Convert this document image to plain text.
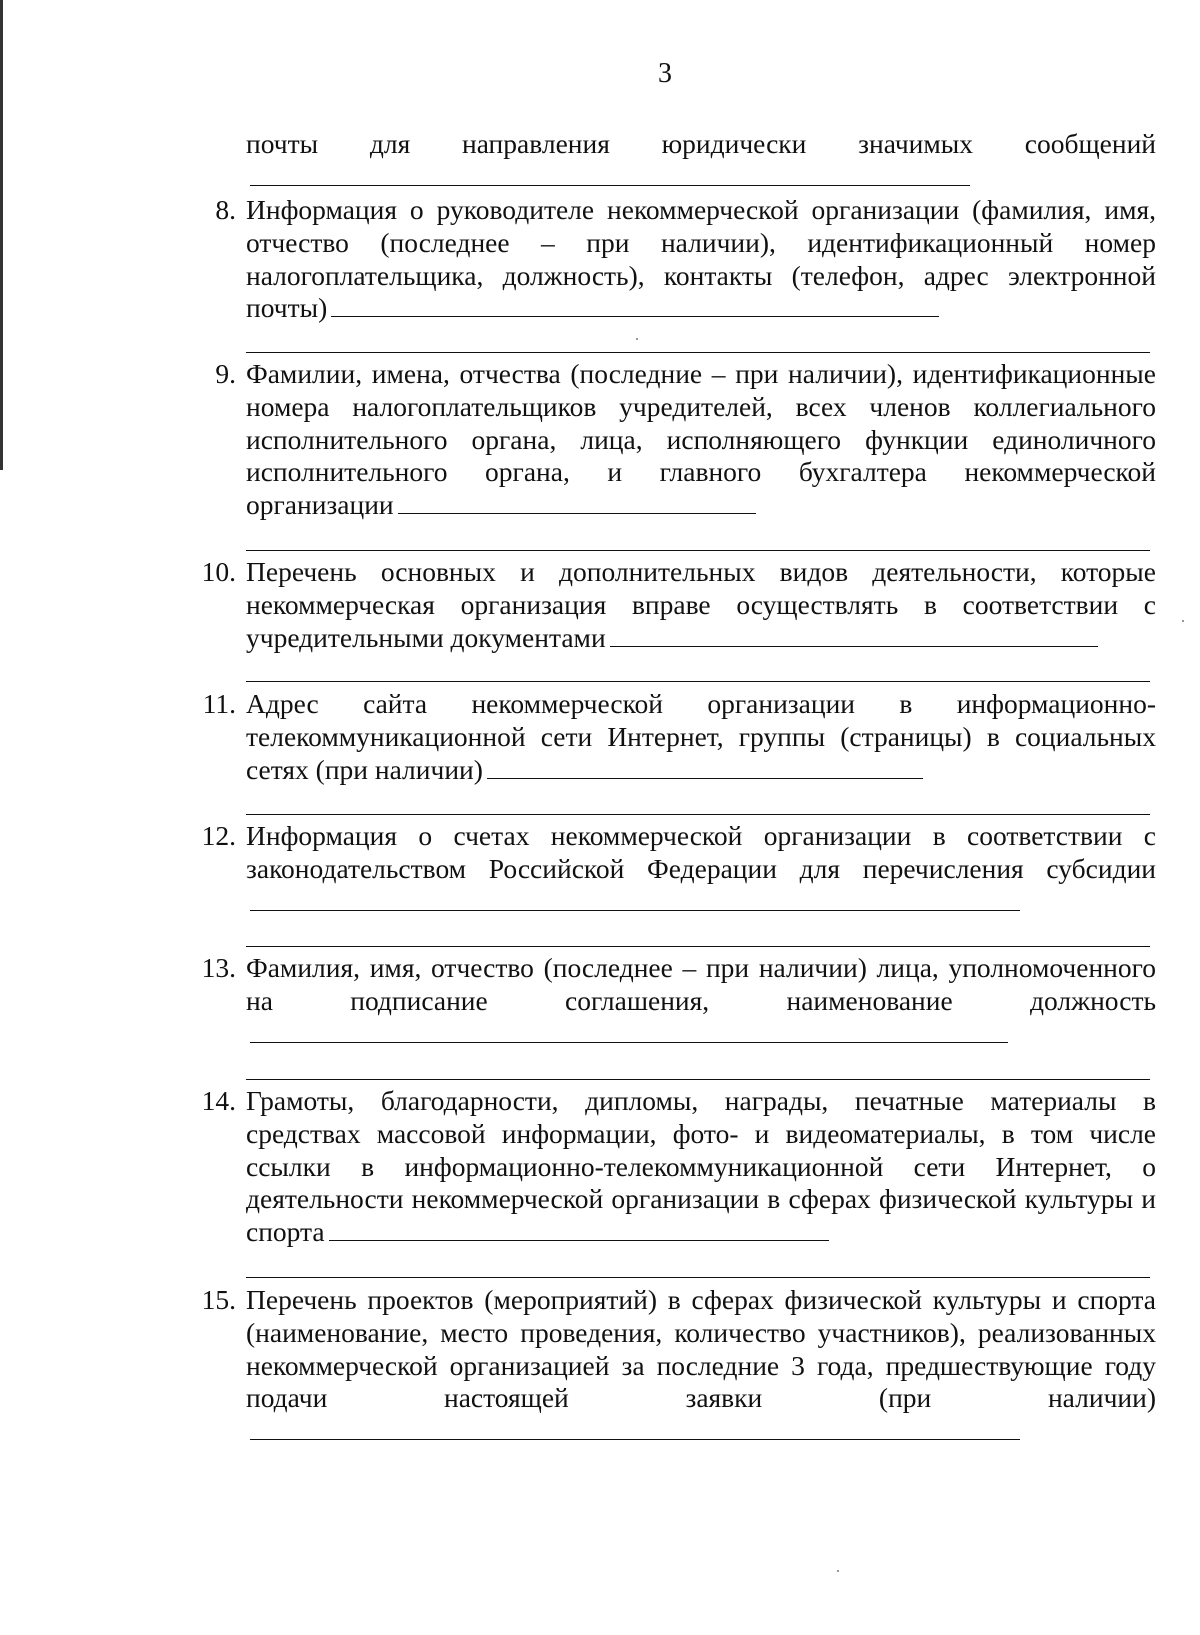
3
почты для направления юридически значимых сообщений
8. Информация о руководителе некоммерческой организации (фамилия, имя, отчество (последнее – при наличии), идентификационный номер налогоплательщика, должность), контакты (телефон, адрес электронной почты)
9. Фамилии, имена, отчества (последние – при наличии), идентификационные номера налогоплательщиков учредителей, всех членов коллегиального исполнительного органа, лица, исполняющего функции единоличного исполнительного органа, и главного бухгалтера некоммерческой организации
10. Перечень основных и дополнительных видов деятельности, которые некоммерческая организация вправе осуществлять в соответствии с учредительными документами
11. Адрес сайта некоммерческой организации в информационно-телекоммуникационной сети Интернет, группы (страницы) в социальных сетях (при наличии)
12. Информация о счетах некоммерческой организации в соответствии с законодательством Российской Федерации для перечисления субсидии
13. Фамилия, имя, отчество (последнее – при наличии) лица, уполномоченного на подписание соглашения, наименование должность
14. Грамоты, благодарности, дипломы, награды, печатные материалы в средствах массовой информации, фото- и видеоматериалы, в том числе ссылки в информационно-телекоммуникационной сети Интернет, о деятельности некоммерческой организации в сферах физической культуры и спорта
15. Перечень проектов (мероприятий) в сферах физической культуры и спорта (наименование, место проведения, количество участников), реализованных некоммерческой организацией за последние 3 года, предшествующие году подачи настоящей заявки (при наличии)
